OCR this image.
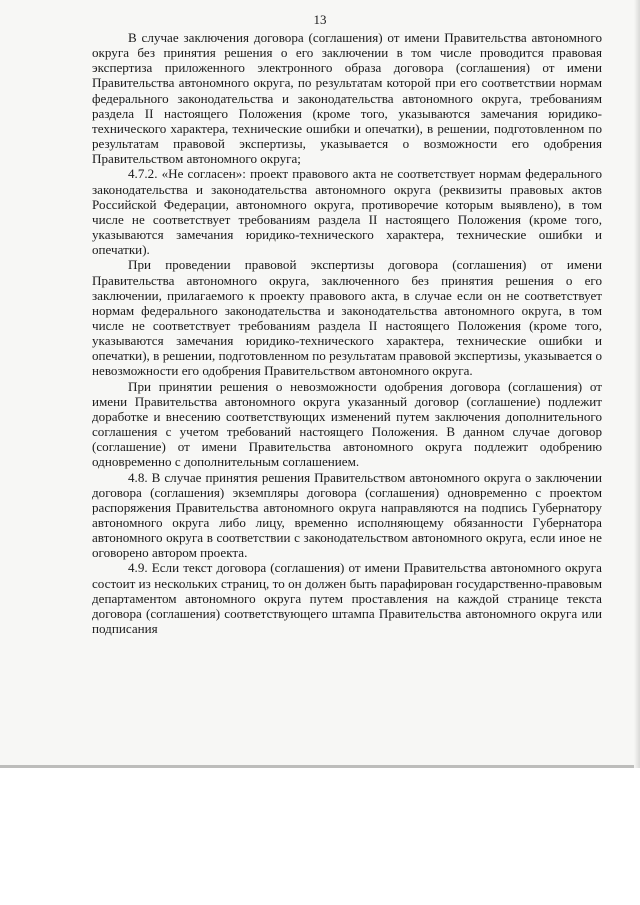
13

В случае заключения договора (соглашения) от имени Правительства автономного округа без принятия решения о его заключении в том числе проводится правовая экспертиза приложенного электронного образа договора (соглашения) от имени Правительства автономного округа, по результатам которой при его соответствии нормам федерального законодательства и законодательства автономного округа, требованиям раздела II настоящего Положения (кроме того, указываются замечания юридико-технического характера, технические ошибки и опечатки), в решении, подготовленном по результатам правовой экспертизы, указывается о возможности его одобрения Правительством автономного округа;

4.7.2. «Не согласен»: проект правового акта не соответствует нормам федерального законодательства и законодательства автономного округа (реквизиты правовых актов Российской Федерации, автономного округа, противоречие которым выявлено), в том числе не соответствует требованиям раздела II настоящего Положения (кроме того, указываются замечания юридико-технического характера, технические ошибки и опечатки).

При проведении правовой экспертизы договора (соглашения) от имени Правительства автономного округа, заключенного без принятия решения о его заключении, прилагаемого к проекту правового акта, в случае если он не соответствует нормам федерального законодательства и законодательства автономного округа, в том числе не соответствует требованиям раздела II настоящего Положения (кроме того, указываются замечания юридико-технического характера, технические ошибки и опечатки), в решении, подготовленном по результатам правовой экспертизы, указывается о невозможности его одобрения Правительством автономного округа.

При принятии решения о невозможности одобрения договора (соглашения) от имени Правительства автономного округа указанный договор (соглашение) подлежит доработке и внесению соответствующих изменений путем заключения дополнительного соглашения с учетом требований настоящего Положения. В данном случае договор (соглашение) от имени Правительства автономного округа подлежит одобрению одновременно с дополнительным соглашением.

4.8. В случае принятия решения Правительством автономного округа о заключении договора (соглашения) экземпляры договора (соглашения) одновременно с проектом распоряжения Правительства автономного округа направляются на подпись Губернатору автономного округа либо лицу, временно исполняющему обязанности Губернатора автономного округа в соответствии с законодательством автономного округа, если иное не оговорено автором проекта.

4.9. Если текст договора (соглашения) от имени Правительства автономного округа состоит из нескольких страниц, то он должен быть парафирован государственно-правовым департаментом автономного округа путем проставления на каждой странице текста договора (соглашения) соответствующего штампа Правительства автономного округа или подписания
